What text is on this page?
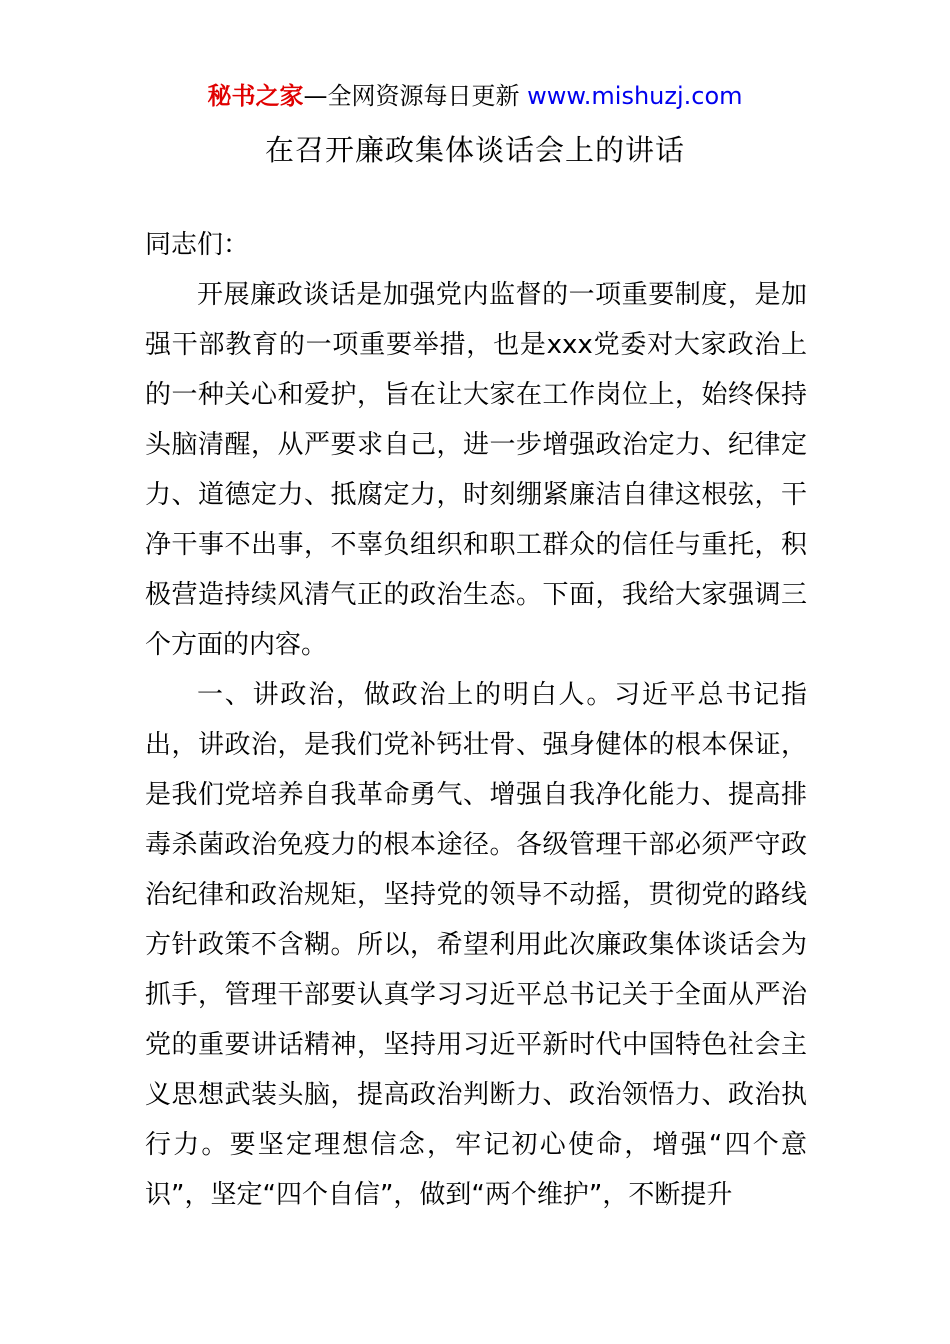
秘书之家—全网资源每日更新 www.mishuzj.com
在召开廉政集体谈话会上的讲话

同志们：

开展廉政谈话是加强党内监督的一项重要制度，是加强干部教育的一项重要举措，也是xxx党委对大家政治上的一种关心和爱护，旨在让大家在工作岗位上，始终保持头脑清醒，从严要求自己，进一步增强政治定力、纪律定力、道德定力、抵腐定力，时刻绷紧廉洁自律这根弦，干净干事不出事，不辜负组织和职工群众的信任与重托，积极营造持续风清气正的政治生态。下面，我给大家强调三个方面的内容。

一、讲政治，做政治上的明白人。习近平总书记指出，讲政治，是我们党补钙壮骨、强身健体的根本保证，是我们党培养自我革命勇气、增强自我净化能力、提高排毒杀菌政治免疫力的根本途径。各级管理干部必须严守政治纪律和政治规矩，坚持党的领导不动摇，贯彻党的路线方针政策不含糊。所以，希望利用此次廉政集体谈话会为抓手，管理干部要认真学习习近平总书记关于全面从严治党的重要讲话精神，坚持用习近平新时代中国特色社会主义思想武装头脑，提高政治判断力、政治领悟力、政治执行力。要坚定理想信念，牢记初心使命，增强“四个意识”，坚定“四个自信”，做到“两个维护”，不断提升
